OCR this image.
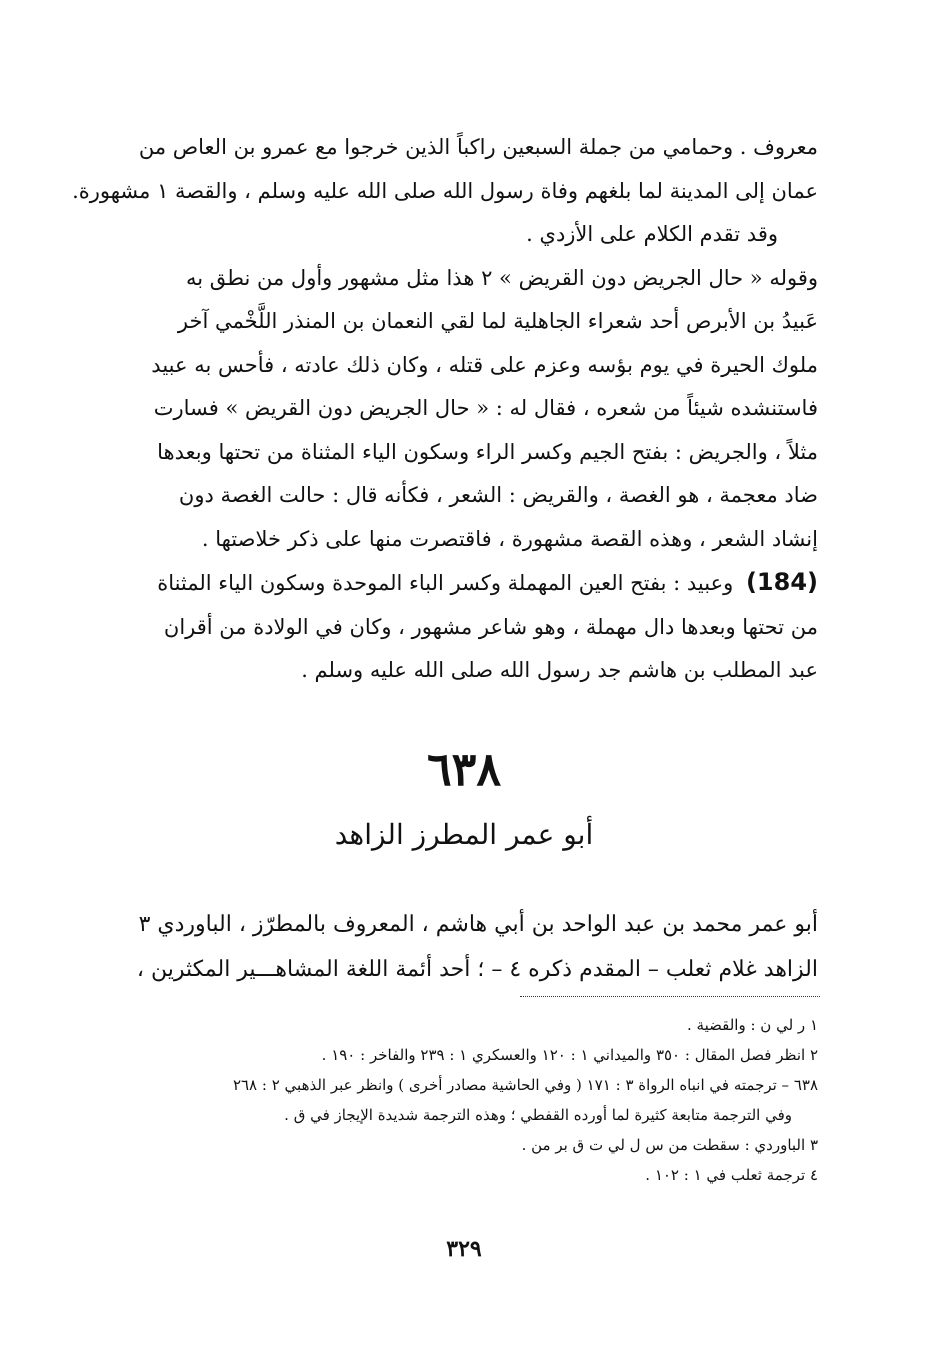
معروف . وحمامي من جملة السبعين راكباً الذين خرجوا مع عمرو بن العاص من
عمان إلى المدينة لما بلغهم وفاة رسول الله صلى الله عليه وسلم ، والقصة ١ مشهورة.
وقد تقدم الكلام على الأزدي .

وقوله « حال الجريض دون القريض » ٢ هذا مثل مشهور وأول من نطق به
عَبيدُ بن الأبرص أحد شعراء الجاهلية لما لقي النعمان بن المنذر اللَّخْمي آخر
ملوك الحيرة في يوم بؤسه وعزم على قتله ، وكان ذلك عادته ، فأحس به عبيد
فاستنشده شيئاً من شعره ، فقال له : « حال الجريض دون القريض » فسارت
مثلاً ، والجريض : بفتح الجيم وكسر الراء وسكون الياء المثناة من تحتها وبعدها
ضاد معجمة ، هو الغصة ، والقريض : الشعر ، فكأنه قال : حالت الغصة دون
إنشاد الشعر ، وهذه القصة مشهورة ، فاقتصرت منها على ذكر خلاصتها .

(184) وعبيد : بفتح العين المهملة وكسر الباء الموحدة وسكون الياء المثناة
من تحتها وبعدها دال مهملة ، وهو شاعر مشهور ، وكان في الولادة من أقران
عبد المطلب بن هاشم جد رسول الله صلى الله عليه وسلم .

٦٣٨
أبو عمر المطرز الزاهد
أبو عمر محمد بن عبد الواحد بن أبي هاشم ، المعروف بالمطرّز ، الباوردي ٣
الزاهد غلام ثعلب – المقدم ذكره ٤ – ؛ أحد أئمة اللغة المشاهـــير المكثرين ،
١ ر لي ن : والقضية .
٢ انظر فصل المقال : ٣٥٠ والميداني ١ : ١٢٠ والعسكري ١ : ٢٣٩ والفاخر : ١٩٠ .
٦٣٨ – ترجمته في انباه الرواة ٣ : ١٧١ ( وفي الحاشية مصادر أخرى ) وانظر عبر الذهبي ٢ : ٢٦٨
وفي الترجمة متابعة كثيرة لما أورده القفطي ؛ وهذه الترجمة شديدة الإيجاز في ق .
٣ الباوردي : سقطت من س ل لي ت ق بر من .
٤ ترجمة ثعلب في ١ : ١٠٢ .
٣٢٩
